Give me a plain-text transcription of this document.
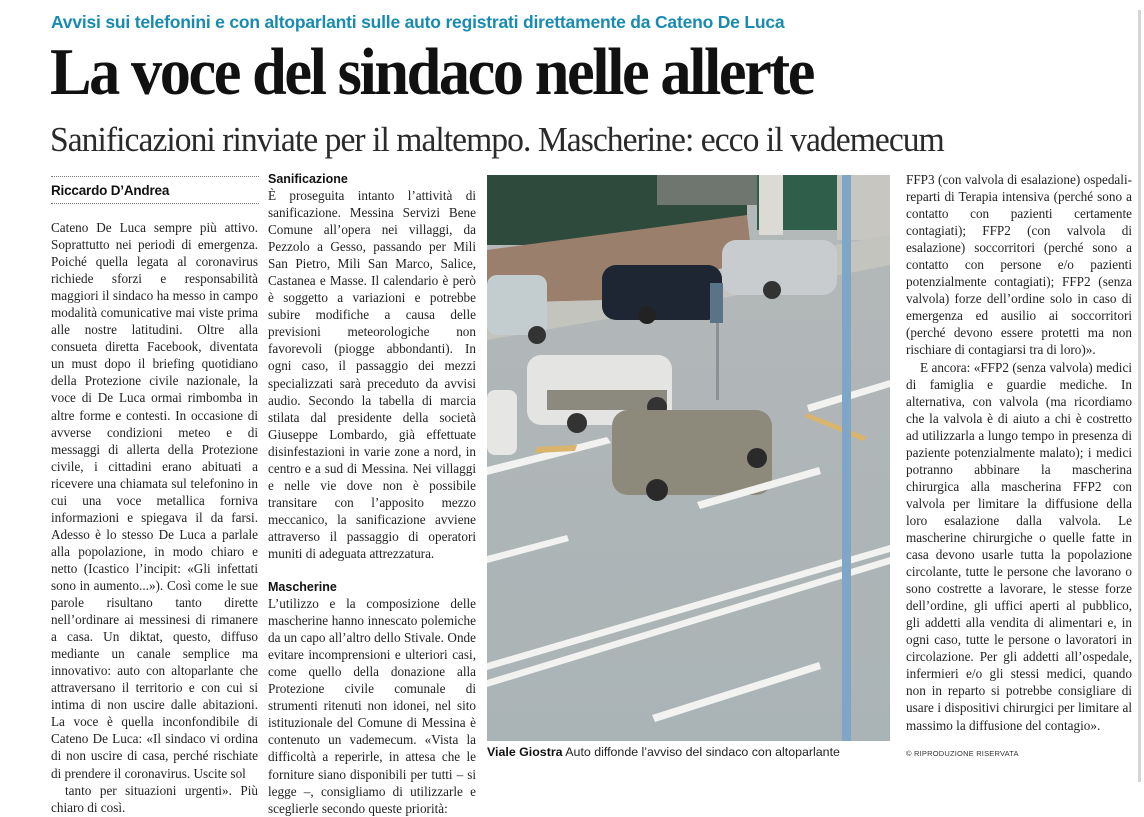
Avvisi sui telefonini e con altoparlanti sulle auto registrati direttamente da Cateno De Luca
La voce del sindaco nelle allerte
Sanificazioni rinviate per il maltempo. Mascherine: ecco il vademecum
Riccardo D’Andrea

Cateno De Luca sempre più attivo. Soprattutto nei periodi di emergenza. Poiché quella legata al coronavirus richiede sforzi e responsabilità maggiori il sindaco ha messo in campo modalità comunicative mai viste prima alle nostre latitudini. Oltre alla consueta diretta Facebook, diventata un must dopo il briefing quotidiano della Protezione civile nazionale, la voce di De Luca ormai rimbomba in altre forme e contesti. In occasione di avverse condizioni meteo e di messaggi di allerta della Protezione civile, i cittadini erano abituati a ricevere una chiamata sul telefonino in cui una voce metallica forniva informazioni e spiegava il da farsi. Adesso è lo stesso De Luca a parlale alla popolazione, in modo chiaro e netto (Icastico l’incipit: «Gli infettati sono in aumento...»). Così come le sue parole risultano tanto dirette nell’ordinare ai messinesi di rimanere a casa. Un diktat, questo, diffuso mediante un canale semplice ma innovativo: auto con altoparlante che attraversano il territorio e con cui si intima di non uscire dalle abitazioni. La voce è quella inconfondibile di Cateno De Luca: «Il sindaco vi ordina di non uscire di casa, perché rischiate di prendere il coronavirus. Uscite sol

tanto per situazioni urgenti». Più chiaro di così.

Sanificazione

È proseguita intanto l’attività di sanificazione. Messina Servizi Bene Comune all’opera nei villaggi, da Pezzolo a Gesso, passando per Mili San Pietro, Mili San Marco, Salice, Castanea e Masse. Il calendario è però è soggetto a variazioni e potrebbe subire modifiche a causa delle previsioni meteorologiche non favorevoli (piogge abbondanti). In ogni caso, il passaggio dei mezzi specializzati sarà preceduto da avvisi audio. Secondo la tabella di marcia stilata dal presidente della società Giuseppe Lombardo, già effettuate disinfestazioni in varie zone a nord, in centro e a sud di Messina. Nei villaggi e nelle vie dove non è possibile transitare con l’apposito mezzo meccanico, la sanificazione avviene attraverso il passaggio di operatori muniti di adeguata attrezzatura.

Mascherine

L’utilizzo e la composizione delle mascherine hanno innescato polemiche da un capo all’altro dello Stivale. Onde evitare incomprensioni e ulteriori casi, come quello della donazione alla Protezione civile comunale di strumenti ritenuti non idonei, nel sito istituzionale del Comune di Messina è contenuto un vademecum. «Vista la difficoltà a reperirle, in attesa che le forniture siano disponibili per tutti – si legge –, consigliamo di utilizzarle e sceglierle secondo queste priorità:

Viale Giostra Auto diffonde l’avviso del sindaco con altoparlante

FFP3 (con valvola di esalazione) ospedali-reparti di Terapia intensiva (perché sono a contatto con pazienti certamente contagiati); FFP2 (con valvola di esalazione) soccorritori (perché sono a contatto con persone e/o pazienti potenzialmente contagiati); FFP2 (senza valvola) forze dell’ordine solo in caso di emergenza ed ausilio ai soccorritori (perché devono essere protetti ma non rischiare di contagiarsi tra di loro)».

E ancora: «FFP2 (senza valvola) medici di famiglia e guardie mediche. In alternativa, con valvola (ma ricordiamo che la valvola è di aiuto a chi è costretto ad utilizzarla a lungo tempo in presenza di paziente potenzialmente malato); i medici potranno abbinare la mascherina chirurgica alla mascherina FFP2 con valvola per limitare la diffusione della loro esalazione dalla valvola. Le mascherine chirurgiche o quelle fatte in casa devono usarle tutta la popolazione circolante, tutte le persone che lavorano o sono costrette a lavorare, le stesse forze dell’ordine, gli uffici aperti al pubblico, gli addetti alla vendita di alimentari e, in ogni caso, tutte le persone o lavoratori in circolazione. Per gli addetti all’ospedale, infermieri e/o gli stessi medici, quando non in reparto si potrebbe consigliare di usare i dispositivi chirurgici per limitare al massimo la diffusione del contagio».

© RIPRODUZIONE RISERVATA
